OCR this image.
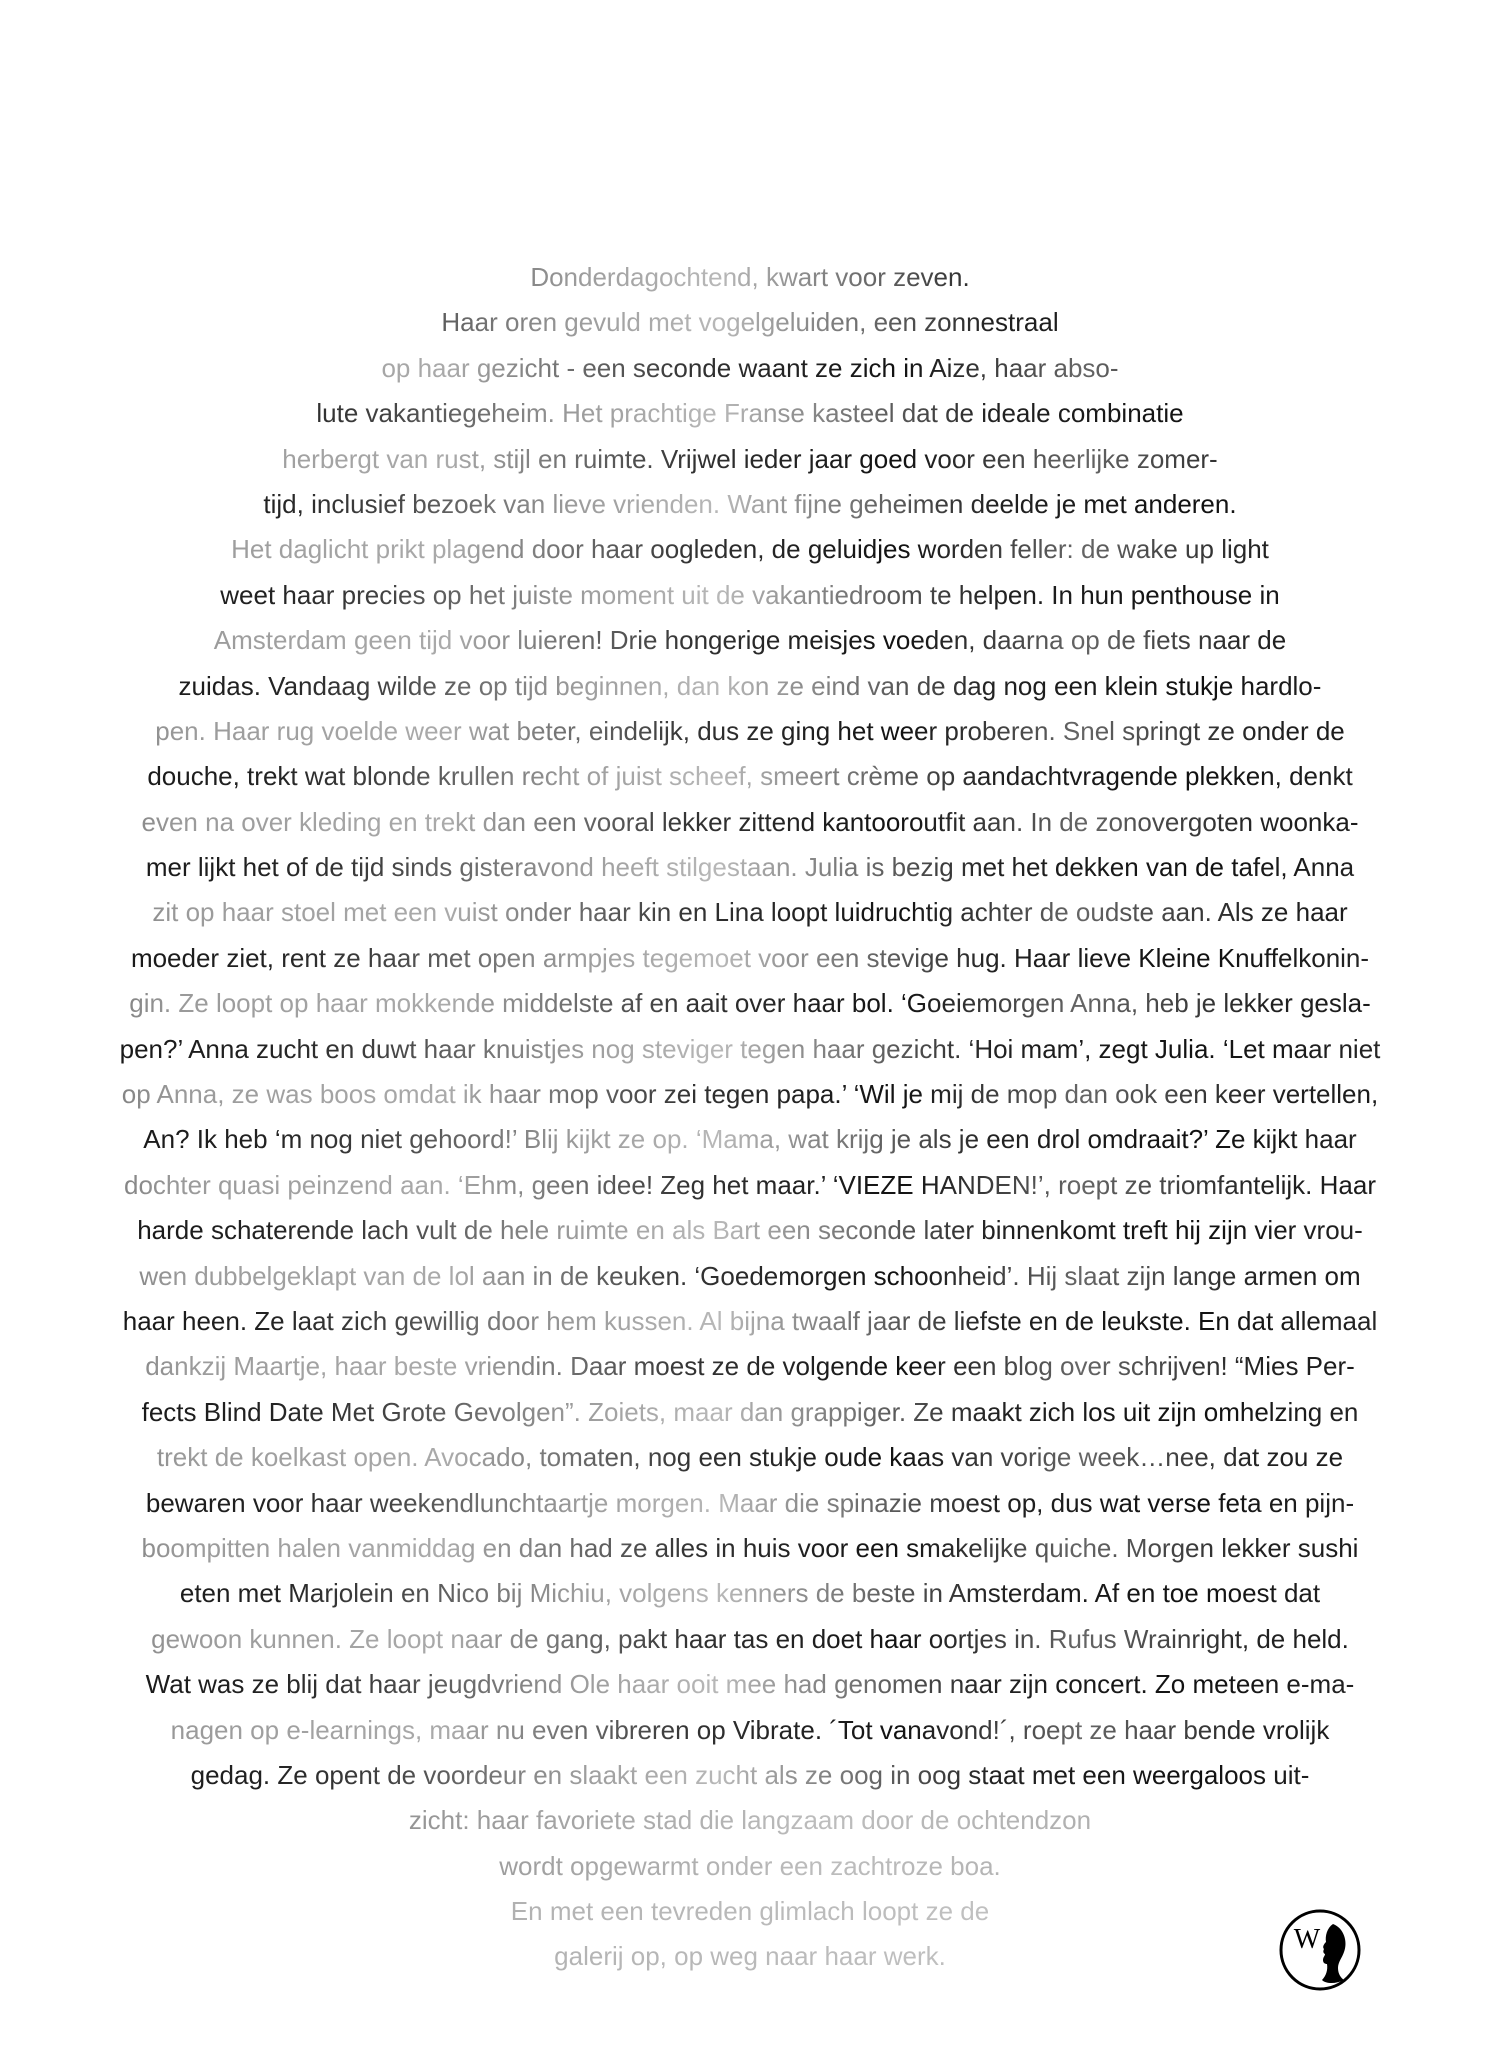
Donderdagochtend, kwart voor zeven.
Haar oren gevuld met vogelgeluiden, een zonnestraal
op haar gezicht - een seconde waant ze zich in Aize, haar abso-
lute vakantiegeheim. Het prachtige Franse kasteel dat de ideale combinatie
herbergt van rust, stijl en ruimte. Vrijwel ieder jaar goed voor een heerlijke zomer-
tijd, inclusief bezoek van lieve vrienden. Want fijne geheimen deelde je met anderen.
Het daglicht prikt plagend door haar oogleden, de geluidjes worden feller: de wake up light
weet haar precies op het juiste moment uit de vakantiedroom te helpen. In hun penthouse in
Amsterdam geen tijd voor luieren! Drie hongerige meisjes voeden, daarna op de fiets naar de
zuidas. Vandaag wilde ze op tijd beginnen, dan kon ze eind van de dag nog een klein stukje hardlo-
pen. Haar rug voelde weer wat beter, eindelijk, dus ze ging het weer proberen. Snel springt ze onder de
douche, trekt wat blonde krullen recht of juist scheef, smeert crème op aandachtvragende plekken, denkt
even na over kleding en trekt dan een vooral lekker zittend kantooroutfit aan. In de zonovergoten woonka-
mer lijkt het of de tijd sinds gisteravond heeft stilgestaan. Julia is bezig met het dekken van de tafel, Anna
zit op haar stoel met een vuist onder haar kin en Lina loopt luidruchtig achter de oudste aan. Als ze haar
moeder ziet, rent ze haar met open armpjes tegemoet voor een stevige hug. Haar lieve Kleine Knuffelkonin-
gin. Ze loopt op haar mokkende middelste af en aait over haar bol. ‘Goeiemorgen Anna, heb je lekker gesla-
pen?’ Anna zucht en duwt haar knuistjes nog steviger tegen haar gezicht. ‘Hoi mam’, zegt Julia. ‘Let maar niet
op Anna, ze was boos omdat ik haar mop voor zei tegen papa.’ ‘Wil je mij de mop dan ook een keer vertellen,
An? Ik heb ‘m nog niet gehoord!’ Blij kijkt ze op. ‘Mama, wat krijg je als je een drol omdraait?’ Ze kijkt haar
dochter quasi peinzend aan. ‘Ehm, geen idee! Zeg het maar.’ ‘VIEZE HANDEN!’, roept ze triomfantelijk. Haar
harde schaterende lach vult de hele ruimte en als Bart een seconde later binnenkomt treft hij zijn vier vrou-
wen dubbelgeklapt van de lol aan in de keuken. ‘Goedemorgen schoonheid’. Hij slaat zijn lange armen om
haar heen. Ze laat zich gewillig door hem kussen. Al bijna twaalf jaar de liefste en de leukste. En dat allemaal
dankzij Maartje, haar beste vriendin. Daar moest ze de volgende keer een blog over schrijven! “Mies Per-
fects Blind Date Met Grote Gevolgen”. Zoiets, maar dan grappiger. Ze maakt zich los uit zijn omhelzing en
trekt de koelkast open. Avocado, tomaten, nog een stukje oude kaas van vorige week…nee, dat zou ze
bewaren voor haar weekendlunchtaartje morgen. Maar die spinazie moest op, dus wat verse feta en pijn-
boompitten halen vanmiddag en dan had ze alles in huis voor een smakelijke quiche. Morgen lekker sushi
eten met Marjolein en Nico bij Michiu, volgens kenners de beste in Amsterdam. Af en toe moest dat
gewoon kunnen. Ze loopt naar de gang, pakt haar tas en doet haar oortjes in. Rufus Wrainright, de held.
Wat was ze blij dat haar jeugdvriend Ole haar ooit mee had genomen naar zijn concert. Zo meteen e-ma-
nagen op e-learnings, maar nu even vibreren op Vibrate. ´Tot vanavond!´, roept ze haar bende vrolijk
gedag. Ze opent de voordeur en slaakt een zucht als ze oog in oog staat met een weergaloos uit-
zicht: haar favoriete stad die langzaam door de ochtendzon
wordt opgewarmt onder een zachtroze boa.
En met een tevreden glimlach loopt ze de
galerij op, op weg naar haar werk.
W
